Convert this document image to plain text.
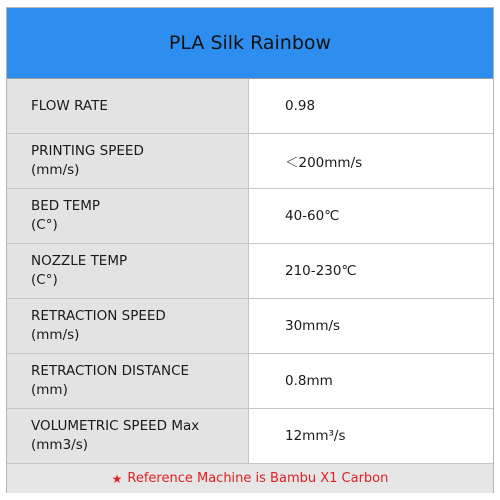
PLA Silk Rainbow
FLOW RATE	0.98
PRINTING SPEED
(mm/s)	＜200mm/s
BED TEMP
(C°)
40-60℃
NOZZLE TEMP
(C°)
210-230℃
RETRACTION SPEED
(mm/s)
30mm/s
RETRACTION DISTANCE
(mm)
0.8mm
VOLUMETRIC SPEED Max
(mm3/s)
12mm³/s
★ Reference Machine is Bambu X1 Carbon
